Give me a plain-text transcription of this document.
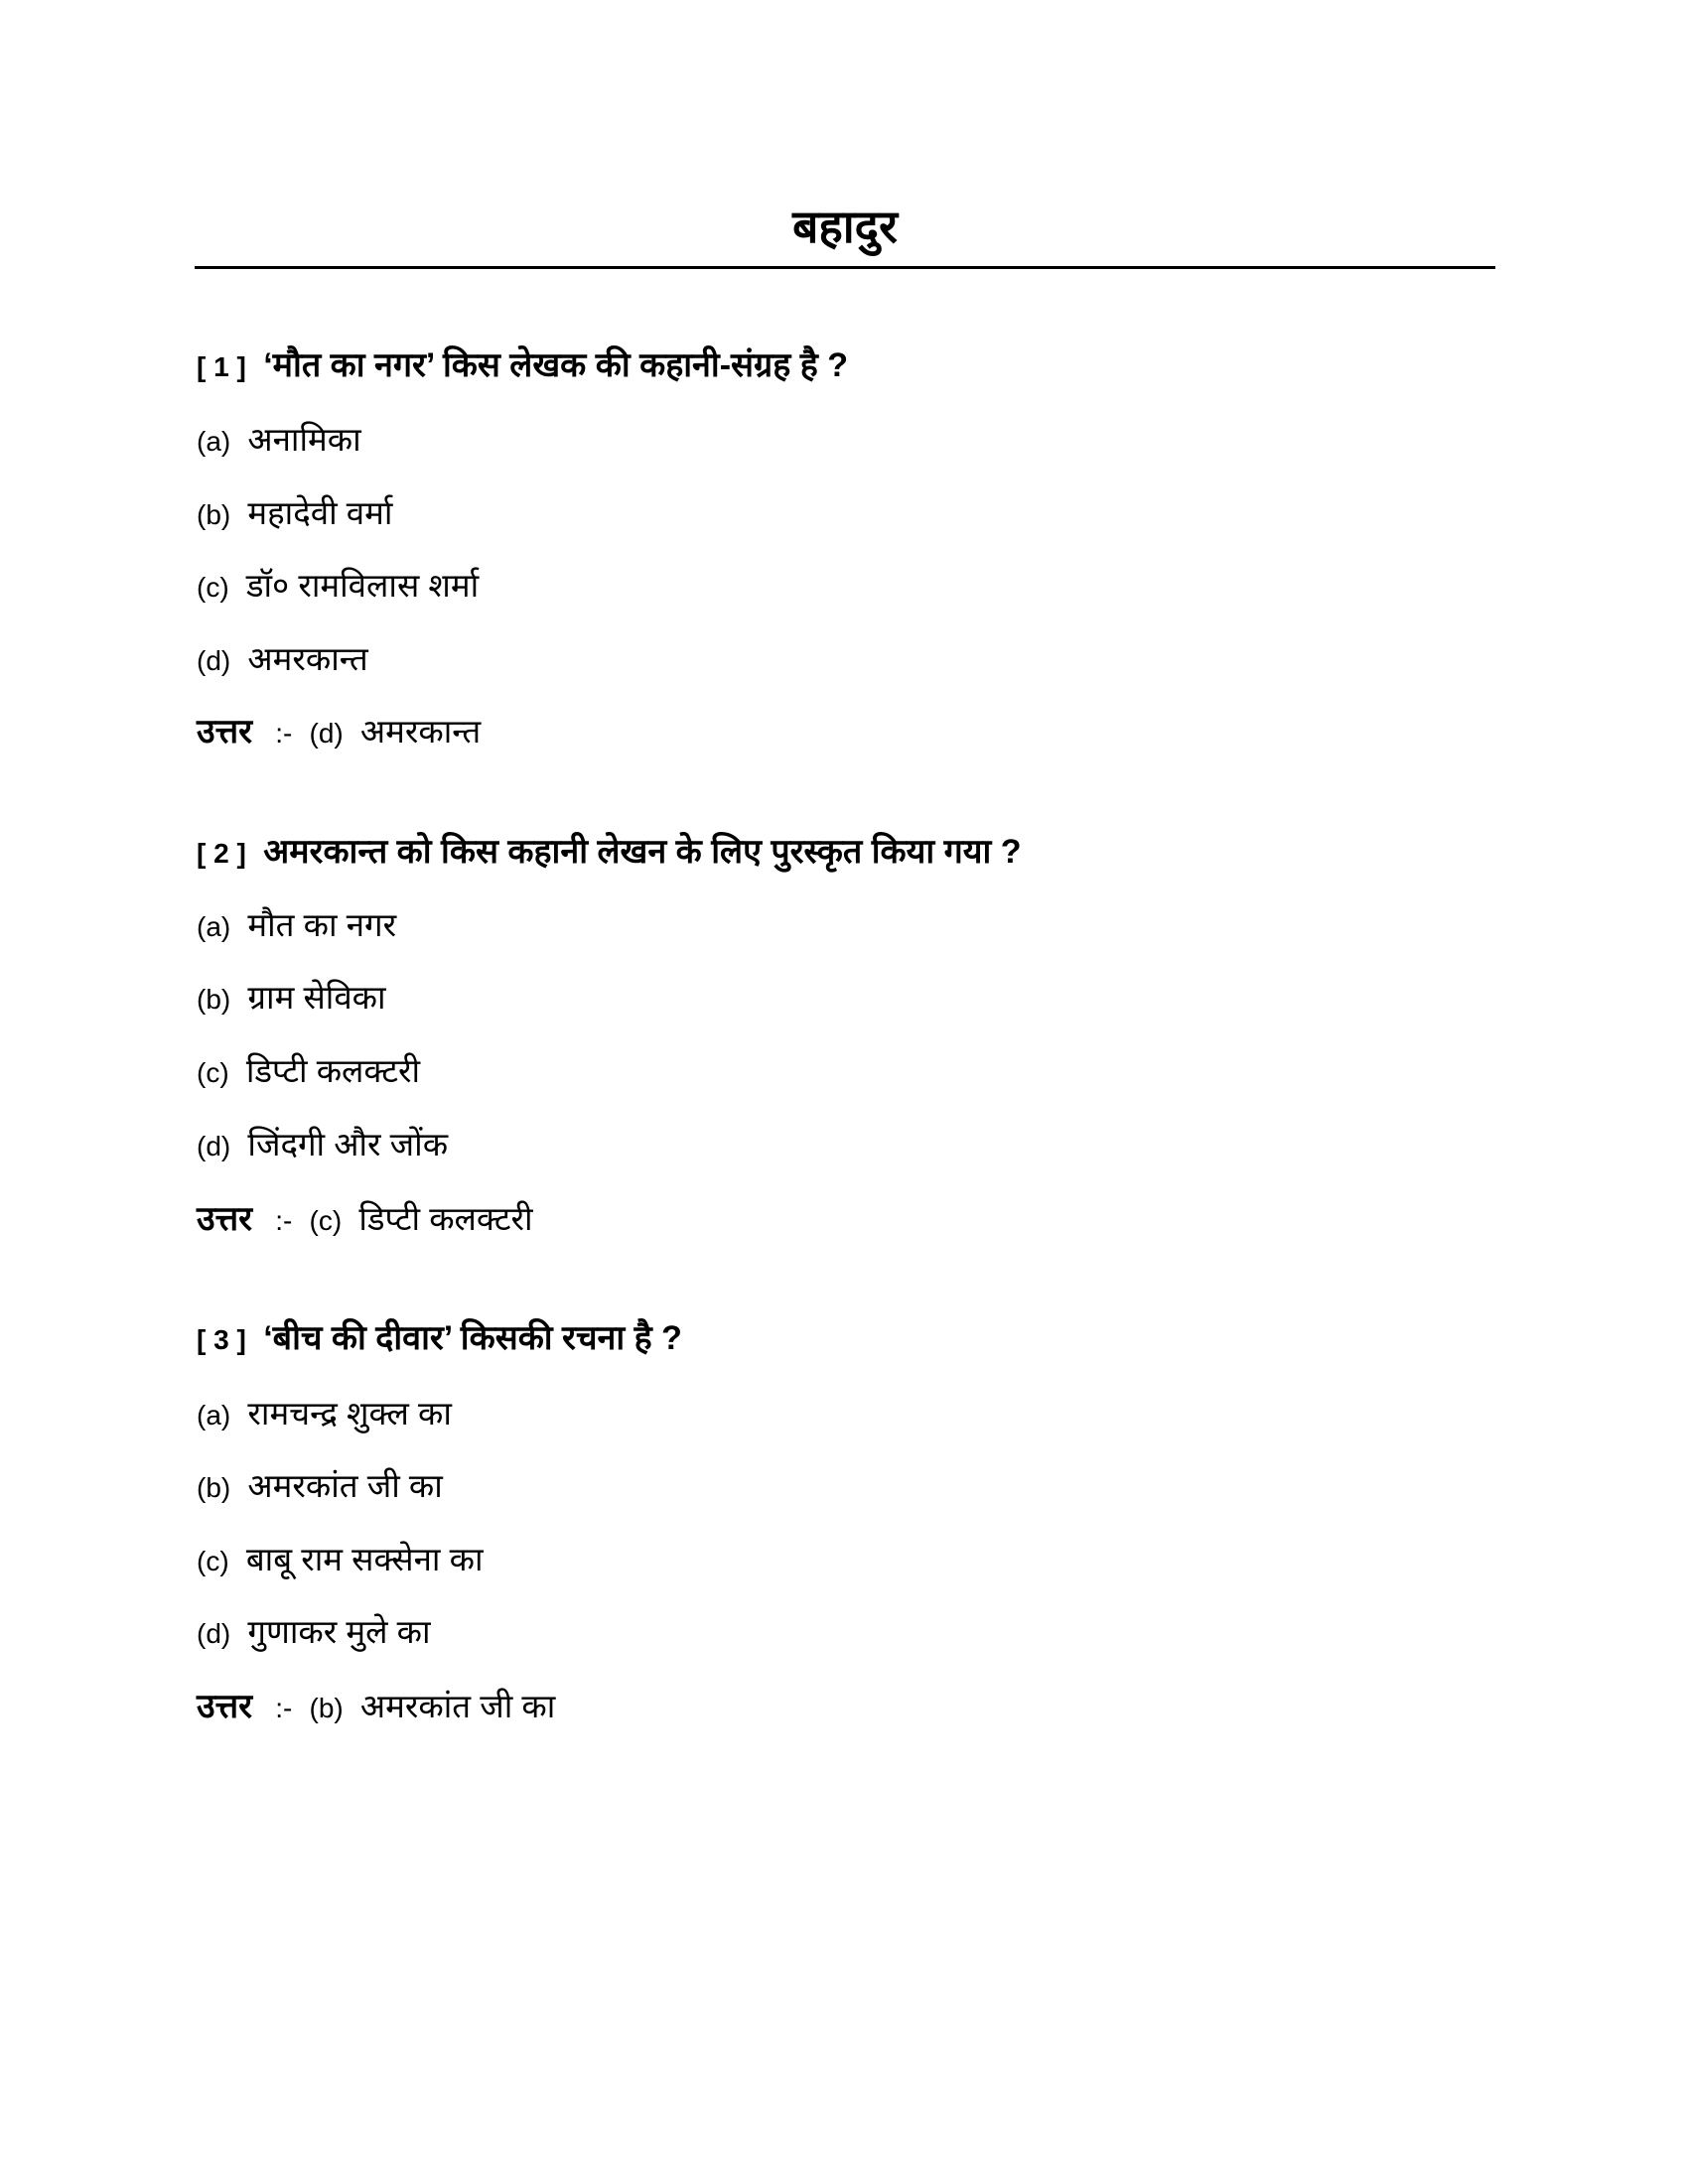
बहादुर
[ 1 ] ‘मौत का नगर’ किस लेखक की कहानी-संग्रह है ?
(a) अनामिका
(b) महादेवी वर्मा
(c) डॉ० रामविलास शर्मा
(d) अमरकान्त
उत्तर :- (d) अमरकान्त
[ 2 ] अमरकान्त को किस कहानी लेखन के लिए पुरस्कृत किया गया ?
(a) मौत का नगर
(b) ग्राम सेविका
(c) डिप्टी कलक्टरी
(d) जिंदगी और जोंक
उत्तर :- (c) डिप्टी कलक्टरी
[ 3 ] ‘बीच की दीवार’ किसकी रचना है ?
(a) रामचन्द्र शुक्ल का
(b) अमरकांत जी का
(c) बाबू राम सक्सेना का
(d) गुणाकर मुले का
उत्तर :- (b) अमरकांत जी का
